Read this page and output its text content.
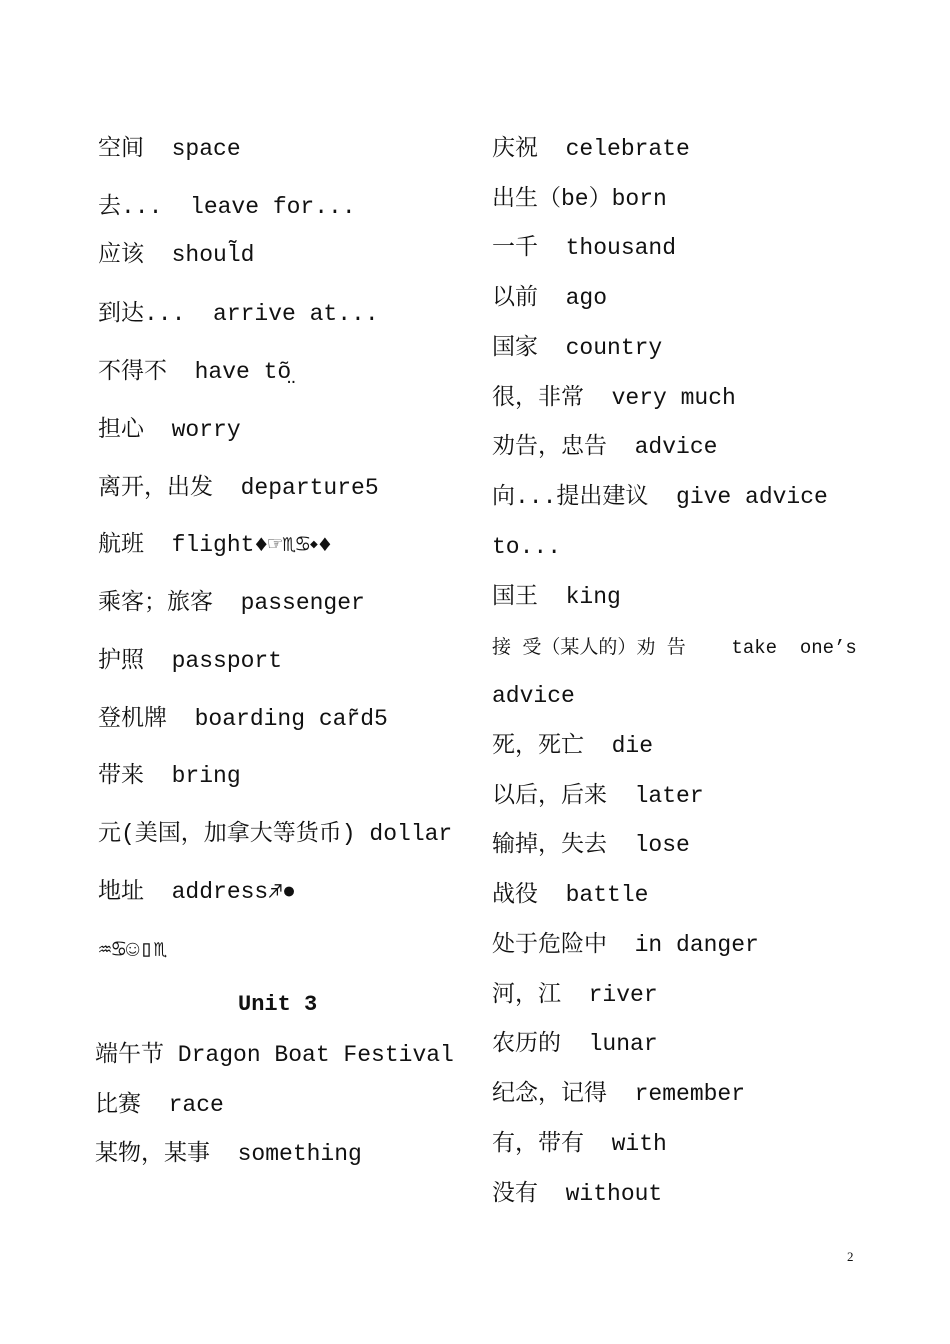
空间  space
去...  leave for...
应该  shoul̃d
到达...  arrive at...
不得不  have tõ̤
担心  worry
离开，出发  departure5
航班  flight♦☞♏♋⬩♦
乘客；旅客  passenger
护照  passport
登机牌  boarding car̃d5
带来  bring
元(美国，加拿大等货币) dollar
地址  address♐●
♒♋☺▯♏
Unit 3
端午节 Dragon Boat Festival
比赛  race
某物，某事  something
庆祝  celebrate
出生（be）born
一千  thousand
以前  ago
国家  country
很，非常  very much
劝告，忠告  advice
向...提出建议  give advice
to...
国王  king
接 受（某人的）劝 告    take  one’s
advice
死，死亡  die
以后，后来  later
输掉，失去  lose
战役  battle
处于危险中  in danger
河，江  river
农历的  lunar
纪念，记得  remember
有，带有  with
没有  without
2
